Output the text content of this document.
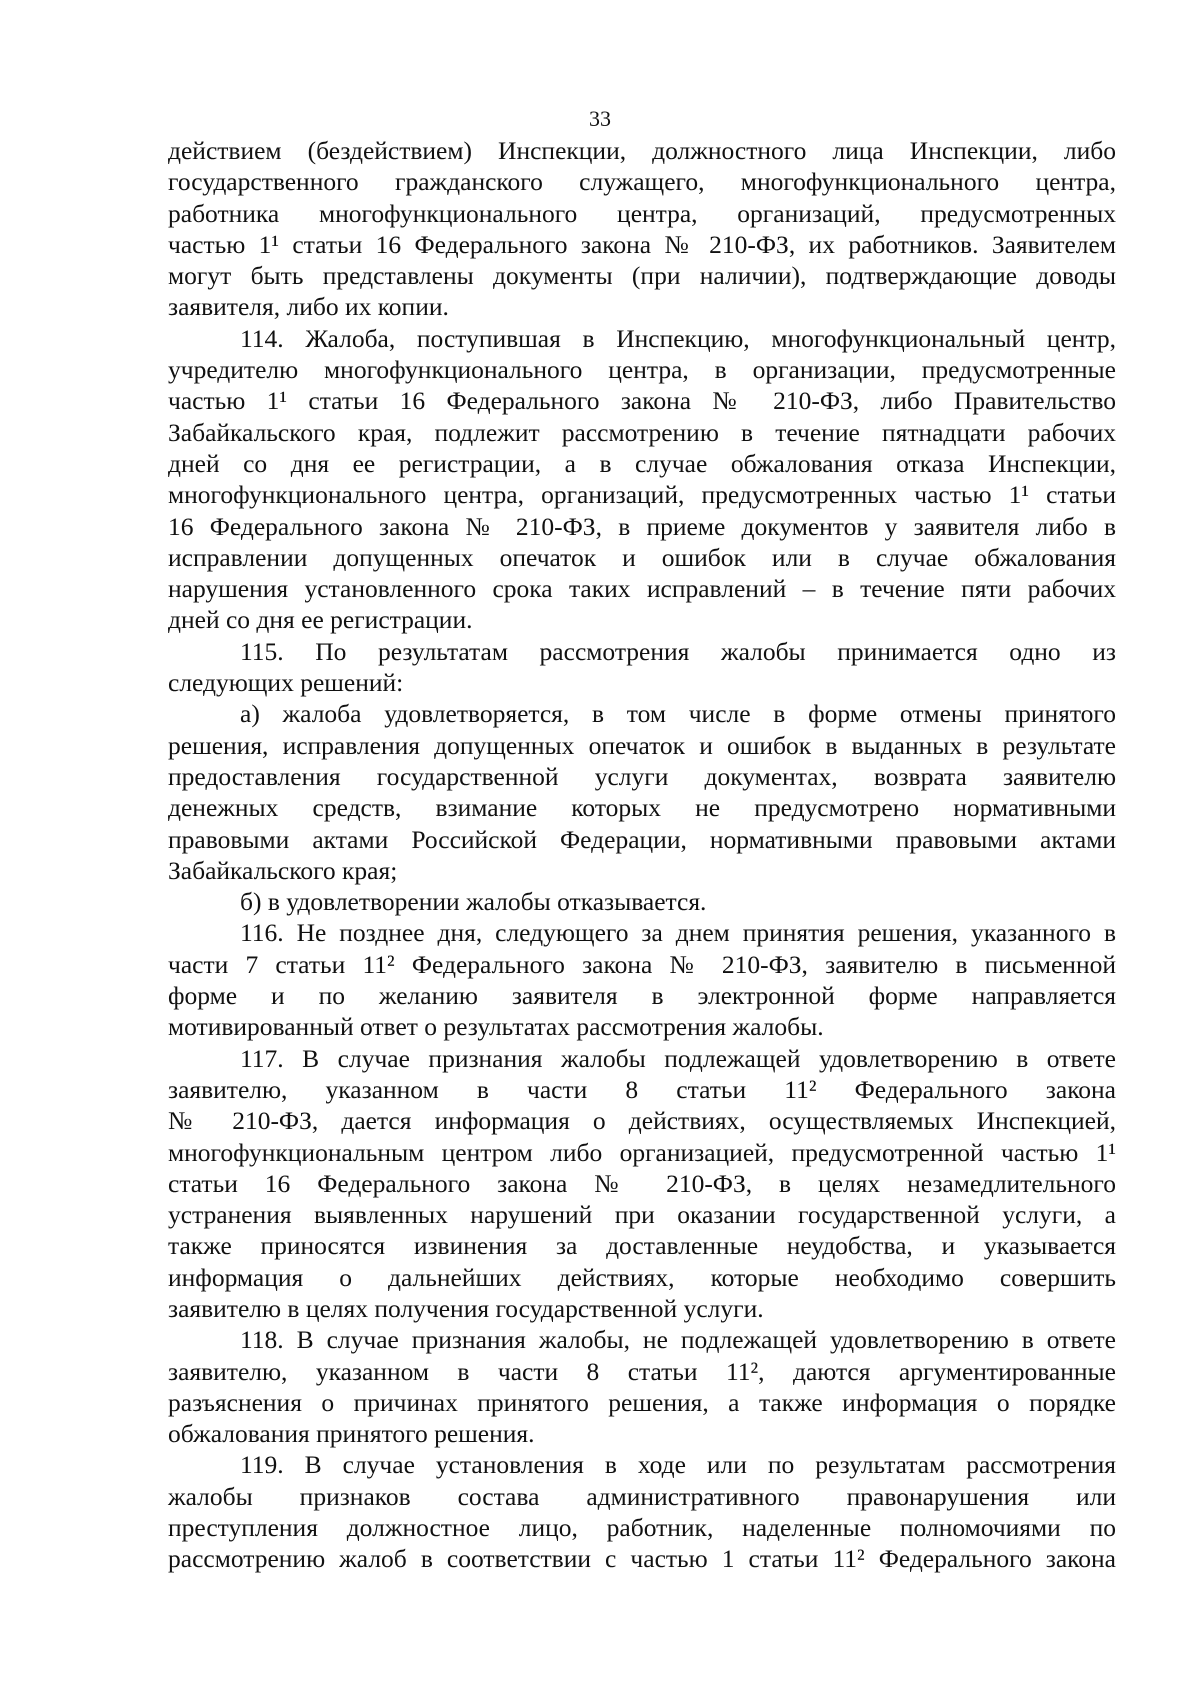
33
действием (бездействием) Инспекции, должностного лица Инспекции, либо
государственного гражданского служащего, многофункционального центра,
работника многофункционального центра, организаций, предусмотренных
частью 1¹ статьи 16 Федерального закона № 210-ФЗ, их работников. Заявителем
могут быть представлены документы (при наличии), подтверждающие доводы
заявителя, либо их копии.
114. Жалоба, поступившая в Инспекцию, многофункциональный центр,
учредителю многофункционального центра, в организации, предусмотренные
частью 1¹ статьи 16 Федерального закона № 210-ФЗ, либо Правительство
Забайкальского края, подлежит рассмотрению в течение пятнадцати рабочих
дней со дня ее регистрации, а в случае обжалования отказа Инспекции,
многофункционального центра, организаций, предусмотренных частью 1¹ статьи
16 Федерального закона № 210-ФЗ, в приеме документов у заявителя либо в
исправлении допущенных опечаток и ошибок или в случае обжалования
нарушения установленного срока таких исправлений – в течение пяти рабочих
дней со дня ее регистрации.
115. По результатам рассмотрения жалобы принимается одно из
следующих решений:
а) жалоба удовлетворяется, в том числе в форме отмены принятого
решения, исправления допущенных опечаток и ошибок в выданных в результате
предоставления государственной услуги документах, возврата заявителю
денежных средств, взимание которых не предусмотрено нормативными
правовыми актами Российской Федерации, нормативными правовыми актами
Забайкальского края;
б) в удовлетворении жалобы отказывается.
116. Не позднее дня, следующего за днем принятия решения, указанного в
части 7 статьи 11² Федерального закона № 210-ФЗ, заявителю в письменной
форме и по желанию заявителя в электронной форме направляется
мотивированный ответ о результатах рассмотрения жалобы.
117. В случае признания жалобы подлежащей удовлетворению в ответе
заявителю, указанном в части 8 статьи 11² Федерального закона
№ 210-ФЗ, дается информация о действиях, осуществляемых Инспекцией,
многофункциональным центром либо организацией, предусмотренной частью 1¹
статьи 16 Федерального закона № 210-ФЗ, в целях незамедлительного
устранения выявленных нарушений при оказании государственной услуги, а
также приносятся извинения за доставленные неудобства, и указывается
информация о дальнейших действиях, которые необходимо совершить
заявителю в целях получения государственной услуги.
118. В случае признания жалобы, не подлежащей удовлетворению в ответе
заявителю, указанном в части 8 статьи 11², даются аргументированные
разъяснения о причинах принятого решения, а также информация о порядке
обжалования принятого решения.
119. В случае установления в ходе или по результатам рассмотрения
жалобы признаков состава административного правонарушения или
преступления должностное лицо, работник, наделенные полномочиями по
рассмотрению жалоб в соответствии с частью 1 статьи 11² Федерального закона
